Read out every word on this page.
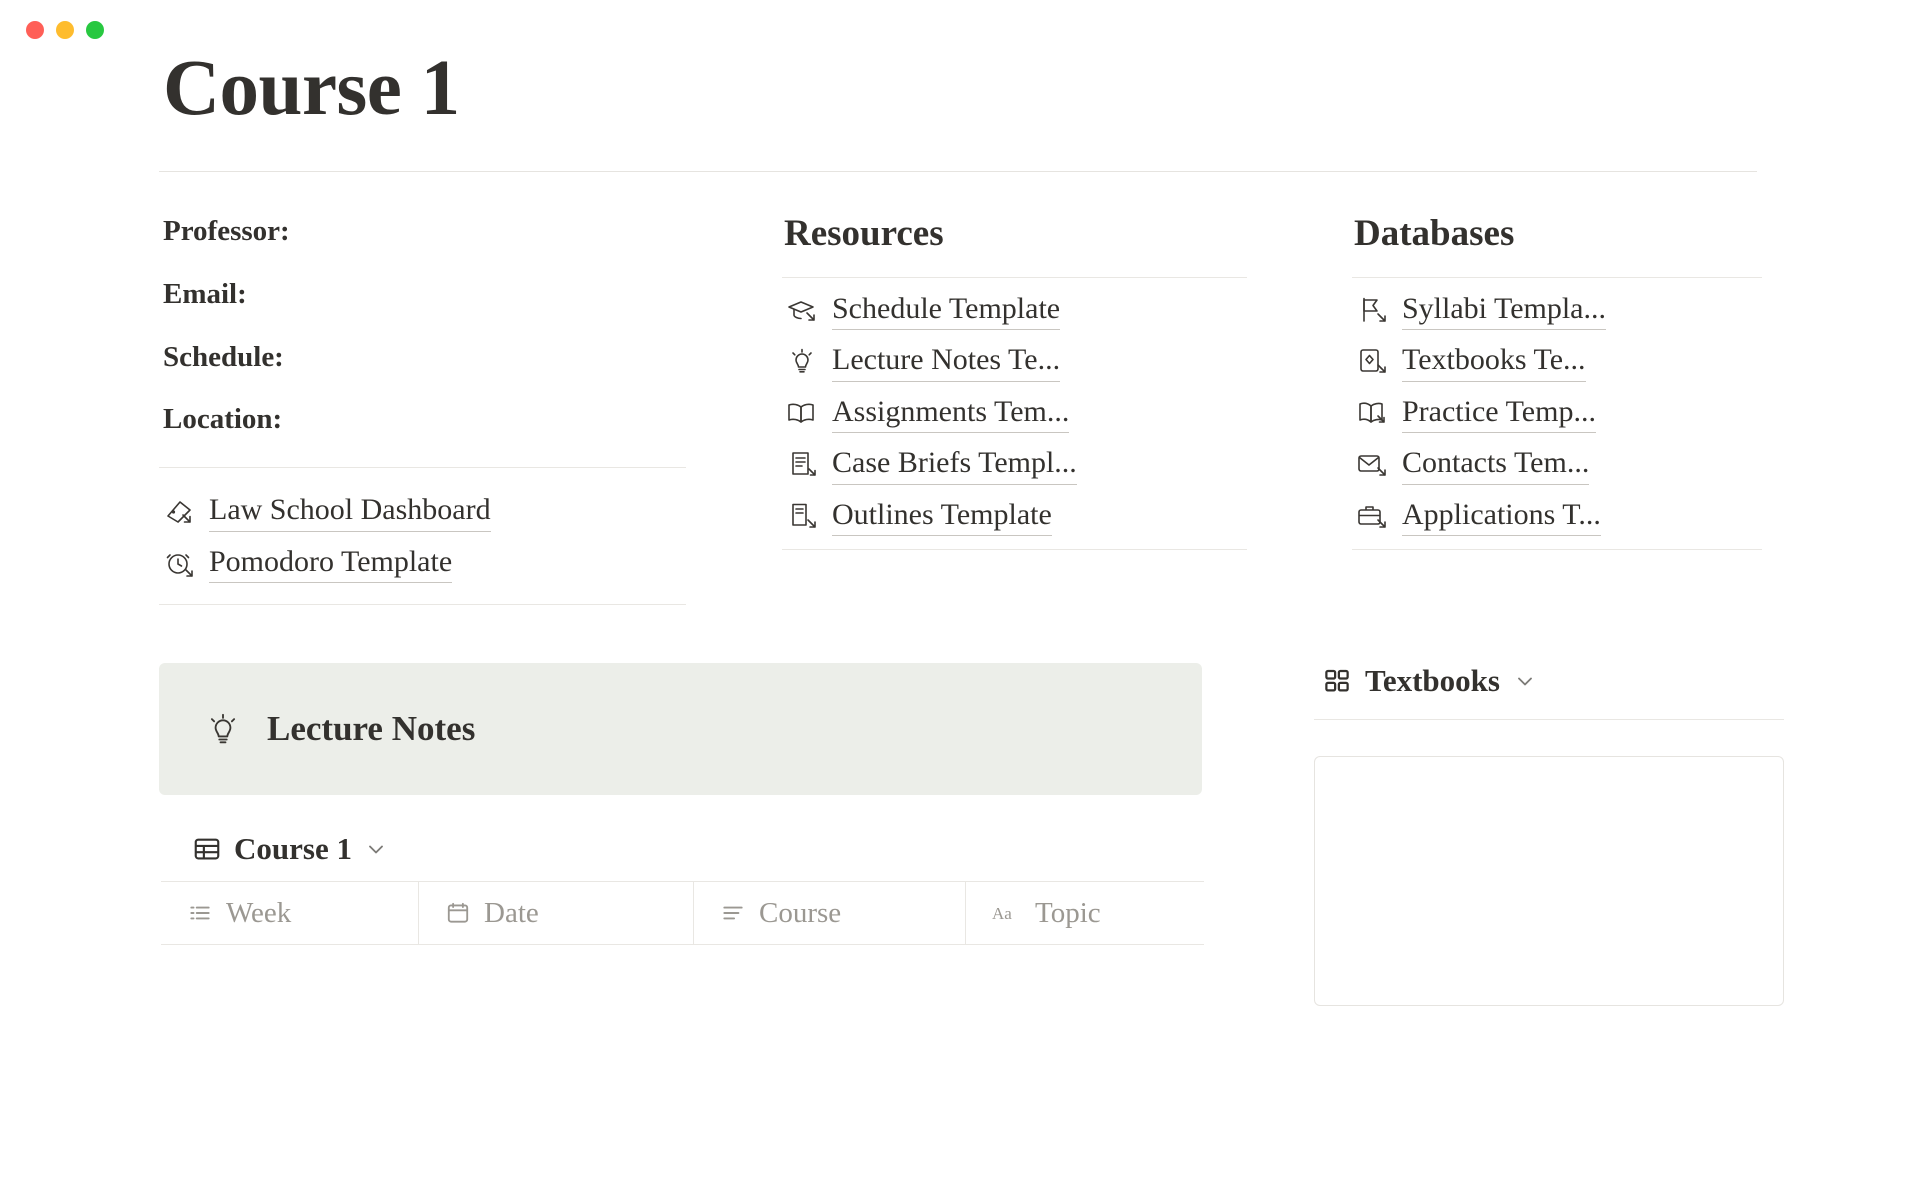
Course 1
Professor:
Email:
Schedule:
Location:
Law School Dashboard
Pomodoro Template
Resources
Schedule Template
Lecture Notes Te...
Assignments Tem...
Case Briefs Templ...
Outlines Template
Databases
Syllabi Templa...
Textbooks Te...
Practice Temp...
Contacts Tem...
Applications T...
Lecture Notes
Course 1
Week	Date	Course	Aa Topic
Textbooks
